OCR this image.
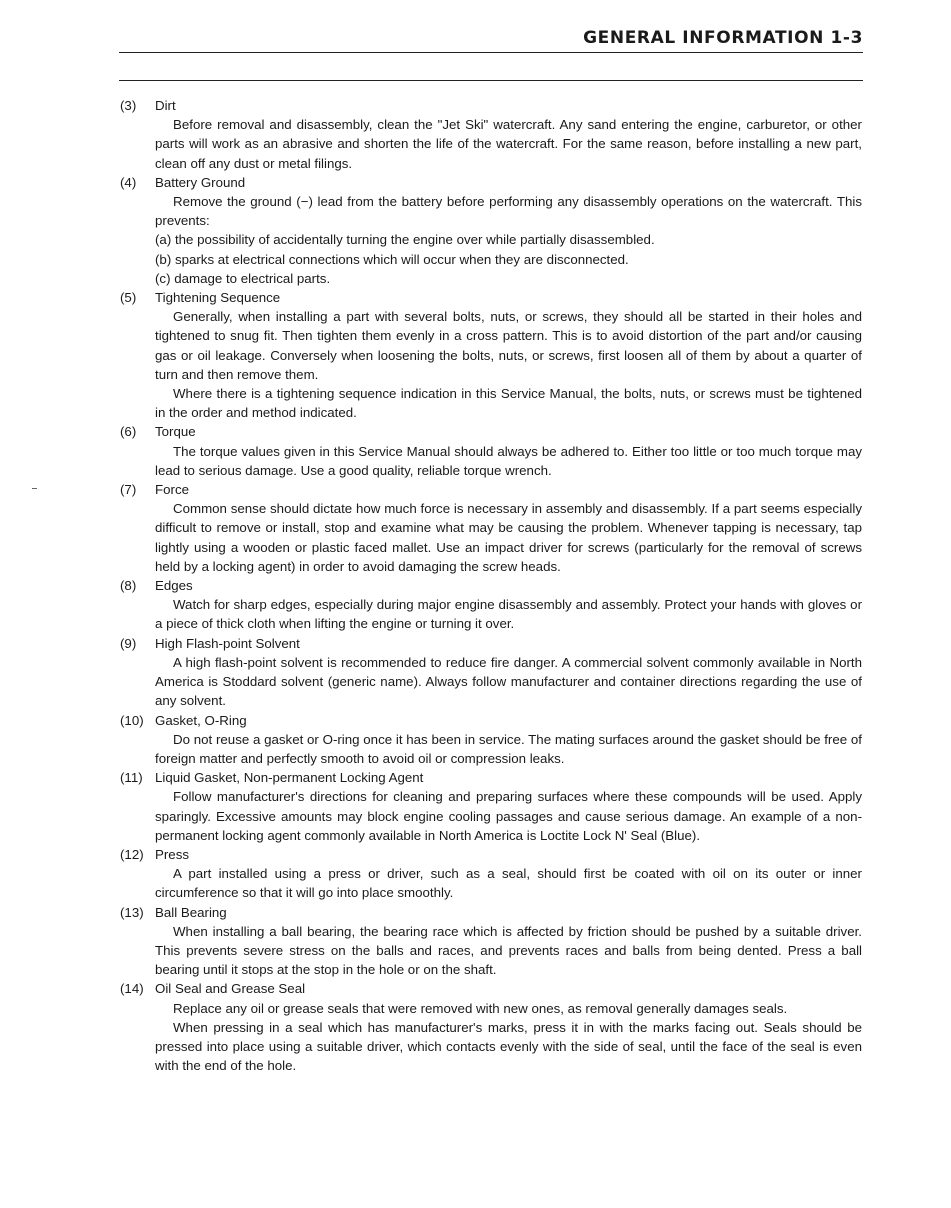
GENERAL INFORMATION 1-3
(3)	Dirt

Before removal and disassembly, clean the "Jet Ski" watercraft. Any sand entering the engine, carburetor, or other parts will work as an abrasive and shorten the life of the watercraft. For the same reason, before installing a new part, clean off any dust or metal filings.

(4)	Battery Ground

Remove the ground (−) lead from the battery before performing any disassembly operations on the watercraft. This prevents:

(a) the possibility of accidentally turning the engine over while partially disassembled.
(b) sparks at electrical connections which will occur when they are disconnected.
(c) damage to electrical parts.
(5)	Tightening Sequence

Generally, when installing a part with several bolts, nuts, or screws, they should all be started in their holes and tightened to snug fit. Then tighten them evenly in a cross pattern. This is to avoid distortion of the part and/or causing gas or oil leakage. Conversely when loosening the bolts, nuts, or screws, first loosen all of them by about a quarter of turn and then remove them.

Where there is a tightening sequence indication in this Service Manual, the bolts, nuts, or screws must be tightened in the order and method indicated.

(6)	Torque

The torque values given in this Service Manual should always be adhered to. Either too little or too much torque may lead to serious damage. Use a good quality, reliable torque wrench.

(7)	Force

Common sense should dictate how much force is necessary in assembly and disassembly. If a part seems especially difficult to remove or install, stop and examine what may be causing the problem. Whenever tapping is necessary, tap lightly using a wooden or plastic faced mallet. Use an impact driver for screws (particularly for the removal of screws held by a locking agent) in order to avoid damaging the screw heads.

(8)	Edges

Watch for sharp edges, especially during major engine disassembly and assembly. Protect your hands with gloves or a piece of thick cloth when lifting the engine or turning it over.

(9)	High Flash-point Solvent

A high flash-point solvent is recommended to reduce fire danger. A commercial solvent commonly available in North America is Stoddard solvent (generic name). Always follow manufacturer and container directions regarding the use of any solvent.

(10) Gasket, O-Ring

Do not reuse a gasket or O-ring once it has been in service. The mating surfaces around the gasket should be free of foreign matter and perfectly smooth to avoid oil or compression leaks.

(11) Liquid Gasket, Non-permanent Locking Agent

Follow manufacturer's directions for cleaning and preparing surfaces where these compounds will be used. Apply sparingly. Excessive amounts may block engine cooling passages and cause serious damage. An example of a non-permanent locking agent commonly available in North America is Loctite Lock N' Seal (Blue).

(12) Press

A part installed using a press or driver, such as a seal, should first be coated with oil on its outer or inner circumference so that it will go into place smoothly.

(13) Ball Bearing

When installing a ball bearing, the bearing race which is affected by friction should be pushed by a suitable driver. This prevents severe stress on the balls and races, and prevents races and balls from being dented. Press a ball bearing until it stops at the stop in the hole or on the shaft.

(14) Oil Seal and Grease Seal

Replace any oil or grease seals that were removed with new ones, as removal generally damages seals.

When pressing in a seal which has manufacturer's marks, press it in with the marks facing out. Seals should be pressed into place using a suitable driver, which contacts evenly with the side of seal, until the face of the seal is even with the end of the hole.
